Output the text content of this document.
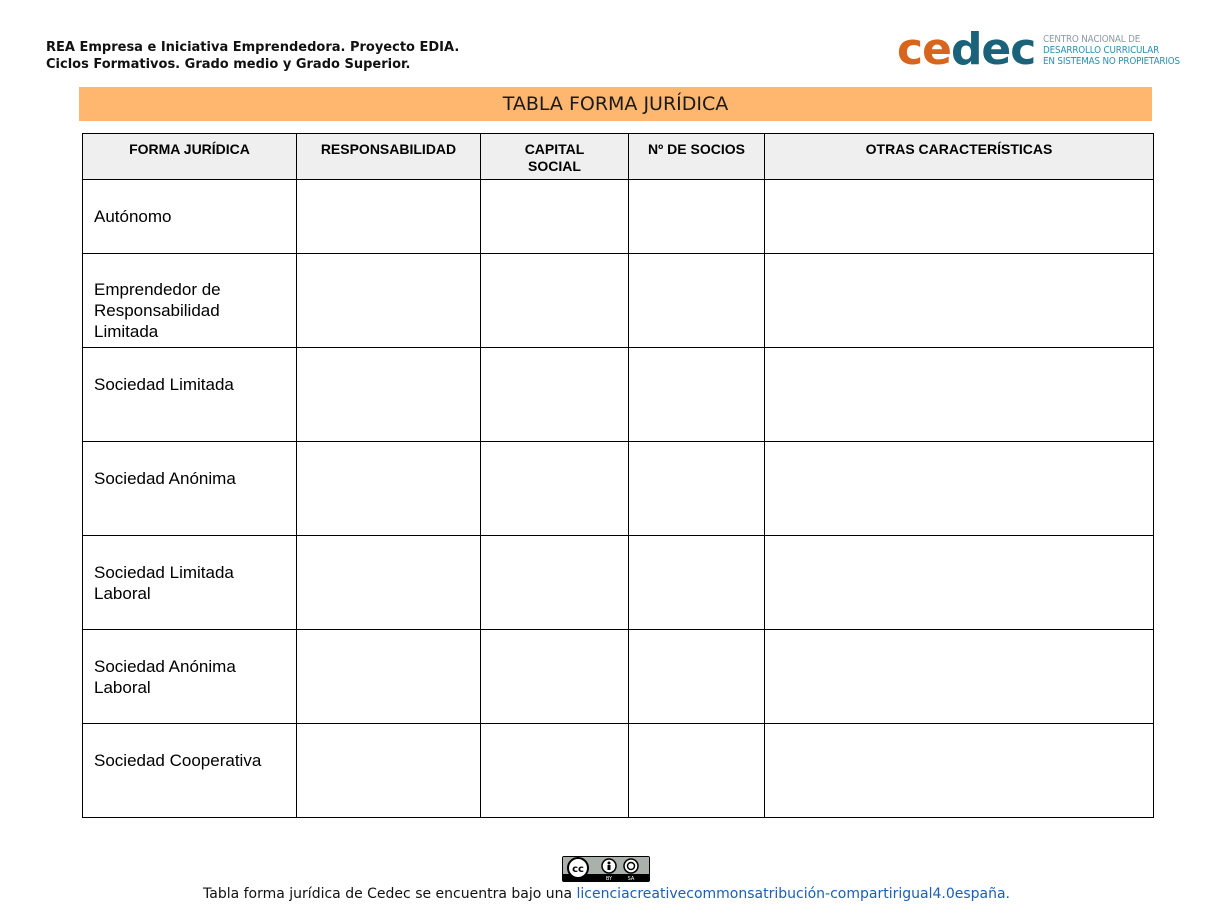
REA Empresa e Iniciativa Emprendedora. Proyecto EDIA.
Ciclos Formativos. Grado medio y Grado Superior.	cedec CENTRO NACIONAL DE
DESARROLLO CURRICULAR
EN SISTEMAS NO PROPIETARIOS
TABLA FORMA JURÍDICA
FORMA JURÍDICA	RESPONSABILIDAD	CAPITAL SOCIAL	Nº DE SOCIOS	OTRAS CARACTERÍSTICAS
Autónomo				
Emprendedor de Responsabilidad Limitada				
Sociedad Limitada				
Sociedad Anónima				
Sociedad Limitada Laboral				
Sociedad Anónima Laboral				
Sociedad Cooperativa				
cc
BY	SA
Tabla forma jurídica de Cedec se encuentra bajo una licenciacreativecommonsatribución-compartirigual4.0españa.
